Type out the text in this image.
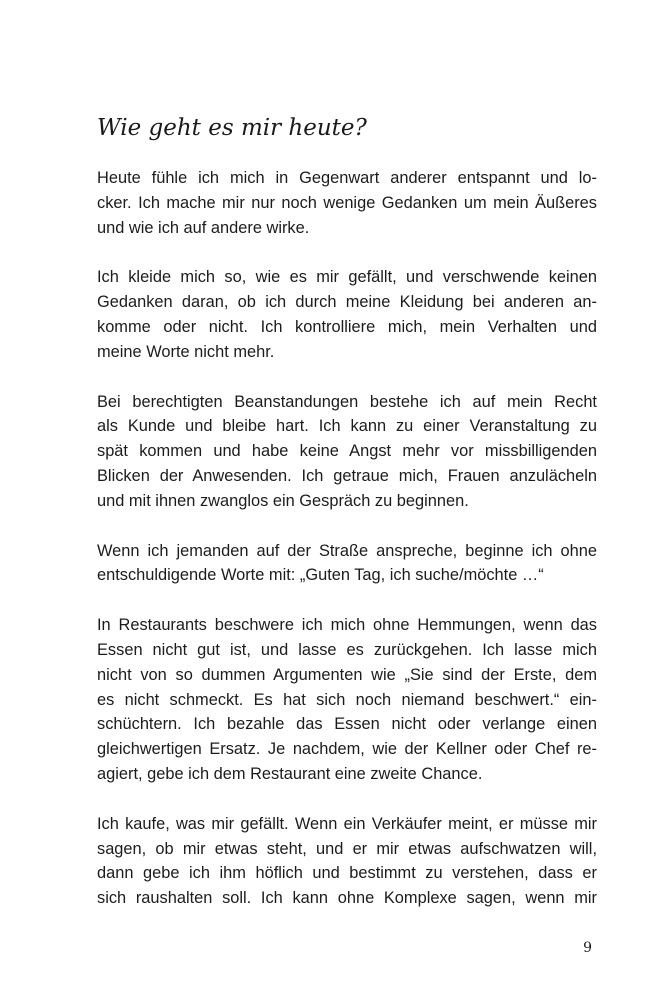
Wie geht es mir heute?

Heute fühle ich mich in Gegenwart anderer entspannt und lo-
cker. Ich mache mir nur noch wenige Gedanken um mein Äußeres
und wie ich auf andere wirke.

Ich kleide mich so, wie es mir gefällt, und verschwende keinen
Gedanken daran, ob ich durch meine Kleidung bei anderen an-
komme oder nicht. Ich kontrolliere mich, mein Verhalten und
meine Worte nicht mehr.

Bei berechtigten Beanstandungen bestehe ich auf mein Recht
als Kunde und bleibe hart. Ich kann zu einer Veranstaltung zu
spät kommen und habe keine Angst mehr vor missbilligenden
Blicken der Anwesenden. Ich getraue mich, Frauen anzulächeln
und mit ihnen zwanglos ein Gespräch zu beginnen.

Wenn ich jemanden auf der Straße anspreche, beginne ich ohne
entschuldigende Worte mit: „Guten Tag, ich suche/möchte …“

In Restaurants beschwere ich mich ohne Hemmungen, wenn das
Essen nicht gut ist, und lasse es zurückgehen. Ich lasse mich
nicht von so dummen Argumenten wie „Sie sind der Erste, dem
es nicht schmeckt. Es hat sich noch niemand beschwert.“ ein-
schüchtern. Ich bezahle das Essen nicht oder verlange einen
gleichwertigen Ersatz. Je nachdem, wie der Kellner oder Chef re-
agiert, gebe ich dem Restaurant eine zweite Chance.

Ich kaufe, was mir gefällt. Wenn ein Verkäufer meint, er müsse mir
sagen, ob mir etwas steht, und er mir etwas aufschwatzen will,
dann gebe ich ihm höflich und bestimmt zu verstehen, dass er
sich raushalten soll. Ich kann ohne Komplexe sagen, wenn mir

9
